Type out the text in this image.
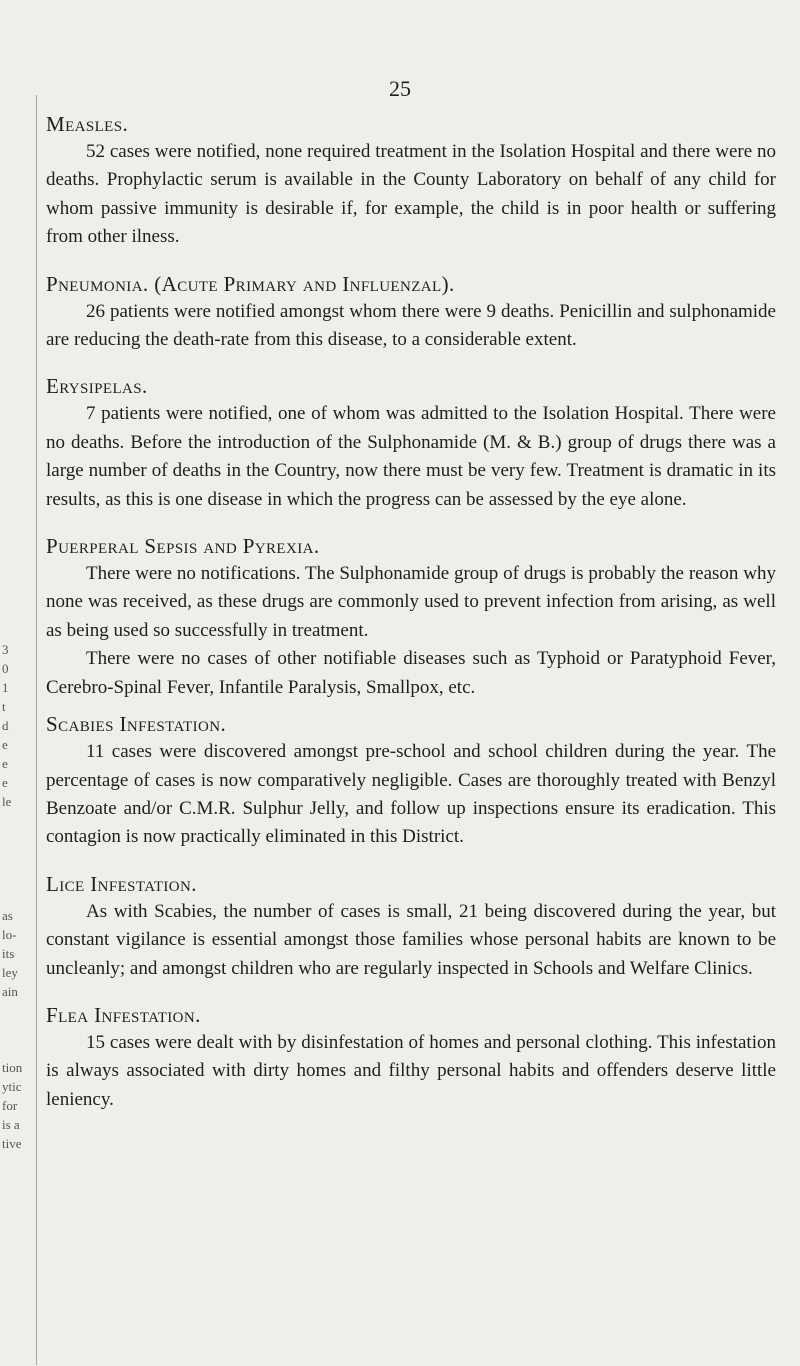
3
0
1
t
d
e
e
e
le

as
lo-
its
ley
ain

tion
ytic
for
is a
tive
25
Measles.

52 cases were notified, none required treatment in the Isolation Hospital and there were no deaths. Prophylactic serum is available in the County Laboratory on behalf of any child for whom passive immunity is desirable if, for example, the child is in poor health or suffering from other ilness.

Pneumonia. (Acute Primary and Influenzal).

26 patients were notified amongst whom there were 9 deaths. Penicillin and sulphonamide are reducing the death-rate from this disease, to a considerable extent.

Erysipelas.

7 patients were notified, one of whom was admitted to the Isolation Hospital. There were no deaths. Before the introduction of the Sulphonamide (M. & B.) group of drugs there was a large number of deaths in the Country, now there must be very few. Treatment is dramatic in its results, as this is one disease in which the progress can be assessed by the eye alone.

Puerperal Sepsis and Pyrexia.

There were no notifications. The Sulphonamide group of drugs is probably the reason why none was received, as these drugs are commonly used to prevent infection from arising, as well as being used so successfully in treatment.

There were no cases of other notifiable diseases such as Typhoid or Paratyphoid Fever, Cerebro-Spinal Fever, Infantile Paralysis, Smallpox, etc.

Scabies Infestation.

11 cases were discovered amongst pre-school and school children during the year. The percentage of cases is now comparatively negligible. Cases are thoroughly treated with Benzyl Benzoate and/or C.M.R. Sulphur Jelly, and follow up inspections ensure its eradication. This contagion is now practically eliminated in this District.

Lice Infestation.

As with Scabies, the number of cases is small, 21 being discovered during the year, but constant vigilance is essential amongst those families whose personal habits are known to be uncleanly; and amongst children who are regularly inspected in Schools and Welfare Clinics.

Flea Infestation.

15 cases were dealt with by disinfestation of homes and personal clothing. This infestation is always associated with dirty homes and filthy personal habits and offenders deserve little leniency.
